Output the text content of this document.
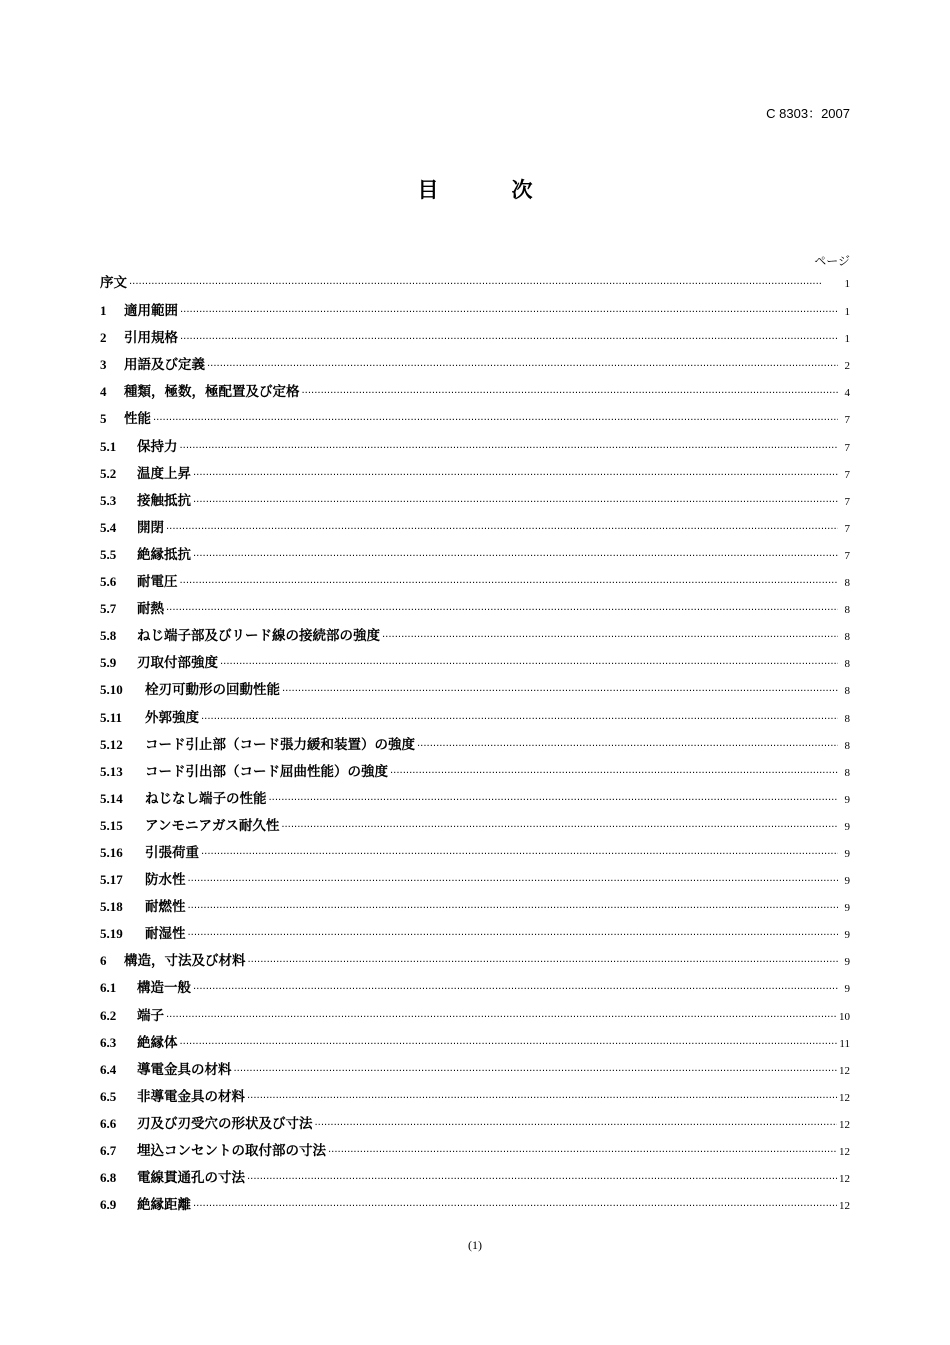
C 8303：2007
目　次
ページ
序文 ·····	1
1	適用範囲 ·····	1
2	引用規格 ·····	1
3	用語及び定義 ·····	2
4	種類，極数，極配置及び定格 ·····	4
5	性能 ·····	7
5.1	保持力 ·····	7
5.2	温度上昇 ·····	7
5.3	接触抵抗 ·····	7
5.4	開閉 ·····	7
5.5	絶縁抵抗 ·····	7
5.6	耐電圧 ·····	8
5.7	耐熱 ·····	8
5.8	ねじ端子部及びリード線の接続部の強度 ·····	8
5.9	刃取付部強度 ·····	8
5.10	栓刃可動形の回動性能 ·····	8
5.11	外郭強度 ·····	8
5.12	コード引止部（コード張力緩和装置）の強度 ·····	8
5.13	コード引出部（コード屈曲性能）の強度 ·····	8
5.14	ねじなし端子の性能 ·····	9
5.15	アンモニアガス耐久性 ·····	9
5.16	引張荷重 ·····	9
5.17	防水性 ·····	9
5.18	耐燃性 ·····	9
5.19	耐湿性 ·····	9
6	構造，寸法及び材料 ·····	9
6.1	構造一般 ·····	9
6.2	端子 ·····	10
6.3	絶縁体 ·····	11
6.4	導電金具の材料 ·····	12
6.5	非導電金具の材料 ·····	12
6.6	刃及び刃受穴の形状及び寸法 ·····	12
6.7	埋込コンセントの取付部の寸法 ·····	12
6.8	電線貫通孔の寸法 ·····	12
6.9	絶縁距離 ·····	12
(1)
